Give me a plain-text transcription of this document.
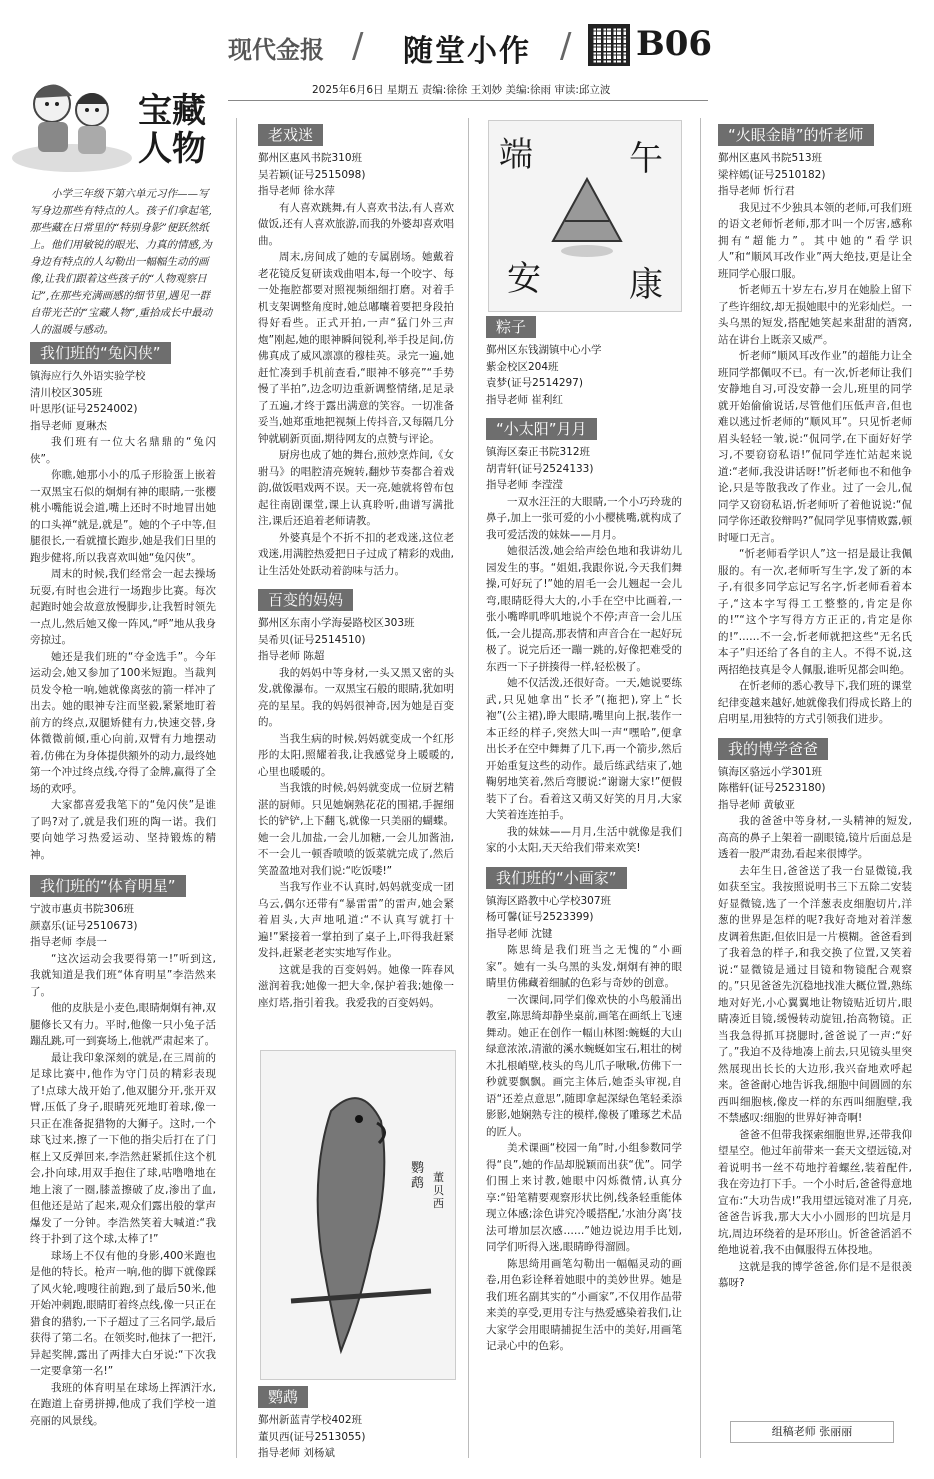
现代金报 / 随堂小作 / B06
2025年6月6日 星期五 责编:徐徐 王刘妙 美编:徐雨 审读:邱立波
宝藏人物
小学三年级下第六单元习作——写写身边那些有特点的人。孩子们拿起笔,那些藏在日常里的“特别身影”便跃然纸上。他们用敏锐的眼光、力真的情感,为身边有特点的人勾勒出一幅幅生动的画像,让我们跟着这些孩子的“人物观察日记”,在那些充满画感的细节里,遇见一群自带光芒的“宝藏人物”,重拾成长中最动人的温暖与感动。
我们班的“兔闪侠”
镇海应行久外语实验学校
清川校区305班
叶思彤(证号2524002)
指导老师 夏琳杰

我们班有一位大名鼎鼎的“兔闪侠”。

你瞧,她那小小的瓜子形脸蛋上嵌着一双黑宝石似的炯炯有神的眼睛,一张樱桃小嘴能说会道,嘴上还时不时地冒出她的口头禅“就是,就是”。她的个子中等,但腿很长,一看就擅长跑步,她是我们日里的跑步健将,所以我喜欢叫她“兔闪侠”。

周末的时候,我们经常会一起去操场玩耍,有时也会进行一场跑步比赛。每次起跑时她会故意放慢脚步,让我暂时领先一点儿,然后她又像一阵风,“呼”地从我身旁掠过。

她还是我们班的“夺金选手”。今年运动会,她又参加了100米短跑。当裁判员发令枪一响,她就像离弦的箭一样冲了出去。她的眼神专注而坚毅,紧紧地盯着前方的终点,双腿矫健有力,快速交替,身体微微前倾,重心向前,双臂有力地摆动着,仿佛在为身体提供额外的动力,最终她第一个冲过终点线,夺得了金牌,赢得了全场的欢呼。

大家都喜爱我笔下的“兔闪侠”是谁了吗?对了,就是我们班的陶一诺。我们要向她学习热爱运动、坚持锻炼的精神。

我们班的“体育明星”
宁波市惠贞书院306班
颜嘉乐(证号2510673)
指导老师 李晨一

“这次运动会我要得第一!”听到这,我就知道是我们班“体育明星”李浩然来了。

他的皮肤是小麦色,眼睛炯炯有神,双腿修长又有力。平时,他像一只小兔子活蹦乱跳,可一到赛场上,他就严肃起来了。

最让我印象深刻的就是,在三周前的足球比赛中,他作为守门员的精彩表现了!点球大战开始了,他双腿分开,张开双臂,压低了身子,眼睛死死地盯着球,像一只正在准备捉猎物的大狮子。这时,一个球飞过来,擦了一下他的指尖后打在了门框上又反弹回来,李浩然赶紧抓住这个机会,扑向球,用双手抱住了球,咕噜噜地在地上滚了一圈,膝盖擦破了皮,渗出了血,但他还是站了起来,观众们露出般的掌声爆发了一分钟。李浩然笑着大喊道:“我终于扑到了这个球,太棒了!”

球场上不仅有他的身影,400米跑也是他的特长。枪声一响,他的脚下就像踩了风火轮,嗖嗖往前跑,到了最后50米,他开始冲刺跑,眼睛盯着终点线,像一只正在猎食的猎豹,一下子超过了三名同学,最后获得了第二名。在领奖时,他抹了一把汗,异起奖牌,露出了两排大白牙说:“下次我一定要拿第一名!”

我班的体育明星在球场上挥洒汗水,在跑道上奋勇拼搏,他成了我们学校一道亮丽的风景线。

老戏迷
鄞州区惠风书院310班
吴若颖(证号2515098)
指导老师 徐水萍

有人喜欢跳舞,有人喜欢书法,有人喜欢做饭,还有人喜欢旅游,而我的外婆却喜欢唱曲。

周末,房间成了她的专属剧场。她戴着老花镜反复研读戏曲唱本,每一个咬字、每一处拖腔都要对照视频细细打磨。对着手机支架调整角度时,她总嘟囔着要把身段拍得好看些。正式开拍,一声“猛门外三声炮”刚起,她的眼神瞬间锐利,举手投足间,仿佛真成了威风凛凛的穆桂英。录完一遍,她赶忙凑到手机前查看,“眼神不够亮”“手势慢了半拍”,边念叨边重新调整情绪,足足录了五遍,才终于露出满意的笑容。一切准备妥当,她郑重地把视频上传抖音,又每隔几分钟就刷新页面,期待网友的点赞与评论。

厨房也成了她的舞台,煎炒烹炸间,《女驸马》的唱腔清亮婉转,翻炒节奏都合着戏韵,做饭唱戏两不误。天一亮,她就将曾布包起往南剧课堂,课上认真聆听,曲谱写满批注,课后还追着老师请教。

外婆真是个不折不扣的老戏迷,这位老戏迷,用满腔热爱把日子过成了精彩的戏曲,让生活处处跃动着韵味与活力。

百变的妈妈
鄞州区东南小学海晏路校区303班
吴希贝(证号2514510)
指导老师 陈超

我的妈妈中等身材,一头又黑又密的头发,就像瀑布。一双黑宝石般的眼睛,犹如明亮的星星。我的妈妈很神奇,因为她是百变的。

当我生病的时候,妈妈就变成一个红彤彤的太阳,照耀着我,让我感觉身上暖暖的,心里也暖暖的。

当我饿的时候,妈妈就变成一位厨艺精湛的厨师。只见她娴熟花花的围裙,手握细长的铲铲,上下翻飞,就像一只美丽的蝴蝶。她一会儿加盐,一会儿加糖,一会儿加酱油,不一会儿一顿香喷喷的饭菜就完成了,然后笑盈盈地对我们说:“吃饭喽!”

当我写作业不认真时,妈妈就变成一团乌云,偶尔还带有“暴雷雷”的雷声,她会紧着眉头,大声地吼道:“不认真写就打十遍!”紧接着一掌拍到了桌子上,吓得我赶紧发抖,赶紧老老实实地写作业。

这就是我的百变妈妈。她像一阵春风滋润着我;她像一把大伞,保护着我;她像一座灯塔,指引着我。我爱我的百变妈妈。

鹦鹉 董贝西
鹦鹉
鄞州新蓝青学校402班
董贝西(证号2513055)
指导老师 刘杨斌
端	午
安	康
粽子
鄞州区东钱湖镇中心小学
紫金校区204班
袁梦(证号2514297)
指导老师 崔利红
“小太阳”月月
镇海区秦正书院312班
胡青轩(证号2524133)
指导老师 李滢滢

一双水汪汪的大眼睛,一个小巧玲珑的鼻子,加上一张可爱的小小樱桃嘴,就构成了我可爱活泼的妹妹——月月。

她很活泼,她会给声绘色地和我讲幼儿园发生的事。“姐姐,我跟你说,今天我们舞操,可好玩了!”她的眉毛一会儿翘起一会儿弯,眼睛眨得大大的,小手在空中比画着,一张小嘴哗叽哗叽地说个不停;声音一会儿压低,一会儿提高,那表情和声音合在一起好玩极了。说完后还一蹦一跳的,好像把难受的东西一下子拼揍得一样,轻松极了。

她不仅活泼,还很好奇。一天,她说要练武,只见她拿出“长矛”(拖把),穿上“长袍”(公主裙),睁大眼睛,嘴里向上抿,装作一本正经的样子,突然大叫一声“嘿哈”,便拿出长矛在空中舞舞了几下,再一个箭步,然后开始重复这些的动作。最后练武结束了,她鞠躬地笑着,然后弯腰说:“谢谢大家!”便假装下了台。看着这又萌又好笑的月月,大家大笑着连连拍手。

我的妹妹——月月,生活中就像是我们家的小太阳,天天给我们带来欢笑!

我们班的“小画家”
镇海区路教中心学校307班
杨可馨(证号2523399)
指导老师 沈键

陈思绮是我们班当之无愧的“小画家”。她有一头乌黑的头发,炯炯有神的眼睛里仿佛藏着细腻的色彩与奇妙的创意。

一次课间,同学们像欢快的小鸟般涌出教室,陈思绮却静坐桌前,画笔在画纸上飞速舞动。她正在创作一幅山林图:蜿蜒的大山绿意浓浓,清澈的溪水蜿蜒如宝石,粗壮的树木扎根峭壁,枝头的鸟儿爪子啾啾,仿佛下一秒就要飘飘。画完主体后,她歪头审视,自语“还差点意思”,随即拿起深绿色笔轻柔添影影,她娴熟专注的模样,像极了雕琢艺术品的匠人。

美术课画“校园一角”时,小组参数同学得“良”,她的作品却脱颖而出获“优”。同学们围上来讨教,她眼中闪烁微情,认真分享:“铅笔精要观察形状比例,线条轻重能体现立体感;涂色讲究冷暖搭配,‘水油分离’技法可增加层次感……”她边说边用手比划,同学们听得入迷,眼睛睁得溜圆。

陈思绮用画笔勾勒出一幅幅灵动的画卷,用色彩诠释着她眼中的美妙世界。她是我们班名副其实的“小画家”,不仅用作品带来美的享受,更用专注与热爱感染着我们,让大家学会用眼睛捕捉生活中的美好,用画笔记录心中的色彩。

“火眼金睛”的忻老师
鄞州区惠风书院513班
梁梓嫣(证号2510182)
指导老师 忻行君

我见过不少独具本领的老师,可我们班的语文老师忻老师,那才叫一个厉害,感称拥有“超能力”。其中她的“看学识人”和“顺风耳改作业”两大绝技,更是让全班同学心服口服。

忻老师五十岁左右,岁月在她脸上留下了些许细纹,却无损她眼中的光彩灿烂。一头乌黑的短发,搭配她笑起来甜甜的酒窝,站在讲台上既亲又威严。

忻老师“顺风耳改作业”的超能力让全班同学都佩叹不已。有一次,忻老师让我们安静地自习,可没安静一会儿,班里的同学就开始偷偷说话,尽管他们压低声音,但也难以逃过忻老师的“顺风耳”。只见忻老师眉头轻轻一皱,说:“侃同学,在下面好好学习,不要窃窃私语!”侃同学连忙站起来说道:“老师,我没讲话呀!”忻老师也不和他争论,只是等散我改了作业。过了一会儿,侃同学又窃窃私语,忻老师听了着他说说:“侃同学你还敢狡辩吗?”侃同学见事情败露,顿时哑口无言。

“忻老师看学识人”这一招是最让我佩服的。有一次,老师听写生字,发了新的本子,有很多同学忘记写名字,忻老师看着本子,“这本字写得工工整整的,肯定是你的!”“这个字写得方方正正的,肯定是你的!”……不一会,忻老师就把这些“无名氏本子”归还给了各自的主人。不得不说,这两招绝技真是令人佩服,谁听见都会叫绝。

在忻老师的悉心教导下,我们班的课堂纪律变越来越好,她就像我们得成长路上的启明星,用独特的方式引领我们进步。

我的博学爸爸
镇海区骆远小学301班
陈楷轩(证号2523180)
指导老师 黄敏亚

我的爸爸中等身材,一头精神的短发,高高的鼻子上架着一副眼镜,镜片后面总是透着一股严肃劲,看起来很博学。

去年生日,爸爸送了我一台显微镜,我如获至宝。我按照说明书三下五除二安装好显微镜,选了一个洋葱表皮细胞切片,洋葱的世界是怎样的呢?我好奇地对着洋葱皮调着焦距,但依旧是一片模糊。爸爸看到了我着急的样子,和我交换了位置,又笑着说:“显微镜是通过目镜和物镜配合观察的。”只见爸爸先沉稳地找准大概位置,熟练地对好光,小心翼翼地让物镜贴近切片,眼睛凑近目镜,缓慢转动旋钮,抬高物镜。正当我急得抓耳挠腮时,爸爸说了一声:“好了。”我迫不及待地凑上前去,只见镜头里突然展现出长长的大边形,我兴奋地欢呼起来。爸爸耐心地告诉我,细胞中间圆圆的东西叫细胞核,像皮一样的东西叫细胞壁,我不禁感叹:细胞的世界好神奇啊!

爸爸不但带我探索细胞世界,还带我仰望星空。他过年前带来一套天文望远镜,对着说明书一丝不苟地拧着螺丝,装着配件,我在旁边打下手。一个小时后,爸爸得意地宣布:“大功告成!”我用望远镜对准了月亮,爸爸告诉我,那大大小小圆形的凹坑是月坑,周边环绕着的是环形山。忻爸爸滔滔不绝地说着,我不由佩服得五体投地。

这就是我的博学爸爸,你们是不是很羡慕呀?

组稿老师 张丽丽
